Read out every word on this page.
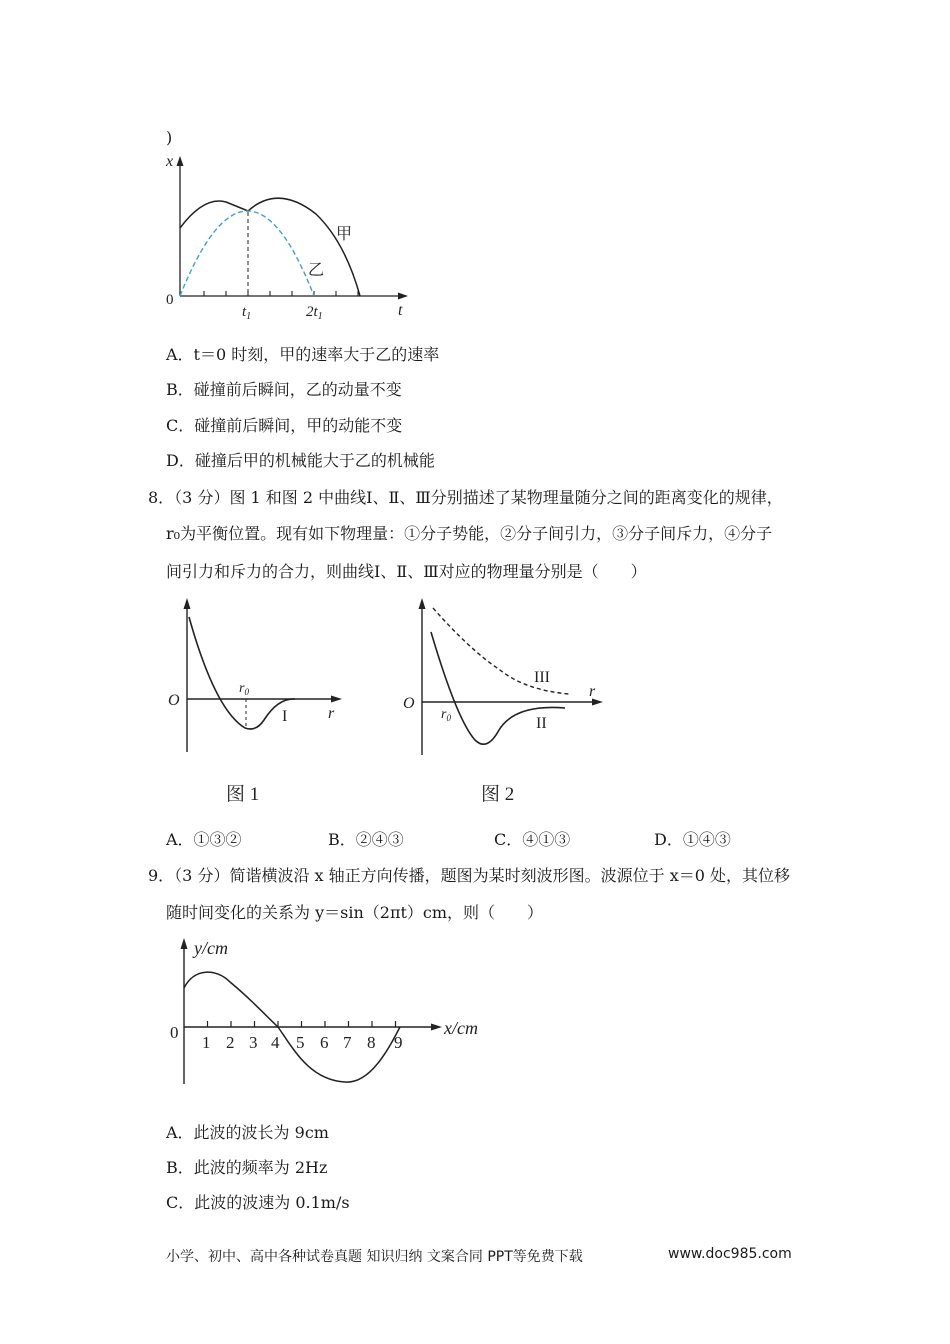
)
x
t
0
$t_1$	$2t_1$
甲
乙
A．t＝0 时刻，甲的速率大于乙的速率
B．碰撞前后瞬间，乙的动量不变
C．碰撞前后瞬间，甲的动能不变
D．碰撞后甲的机械能大于乙的机械能
8．（3 分）图 1 和图 2 中曲线Ⅰ、Ⅱ、Ⅲ分别描述了某物理量随分之间的距离变化的规律，
r₀为平衡位置。现有如下物理量：①分子势能，②分子间引力，③分子间斥力，④分子
间引力和斥力的合力，则曲线Ⅰ、Ⅱ、Ⅲ对应的物理量分别是（　　）
O
$r_0$
r
I
图 1
O
$r_0$
r
III
II
图 2
A．①③②	B．②④③	C．④①③	D．①④③
9．（3 分）简谐横波沿 x 轴正方向传播，题图为某时刻波形图。波源位于 x＝0 处，其位移
随时间变化的关系为 y＝sin（2πt）cm，则（　　）
y/cm
x/cm
0
1 2 3 4 5 6 7 8 9
A．此波的波长为 9cm
B．此波的频率为 2Hz
C．此波的波速为 0.1m/s
小学、初中、高中各种试卷真题 知识归纳 文案合同 PPT等免费下载	www.doc985.com
